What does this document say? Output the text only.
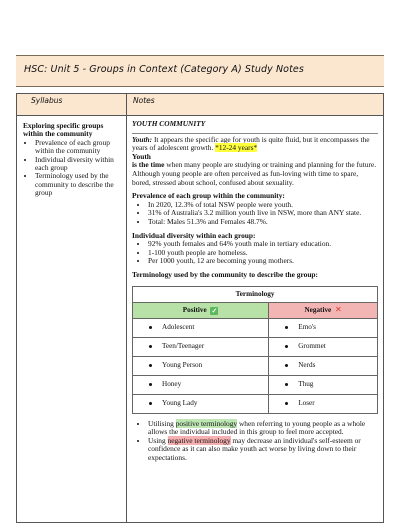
HSC: Unit 5 - Groups in Context (Category A) Study Notes
Syllabus	Notes

Exploring specific groups within the community
• Prevalence of each group within the community
• Individual diversity within each group
• Terminology used by the community to describe the group

YOUTH COMMUNITY

Youth: It appears the specific age for youth is quite fluid, but it encompasses the years of adolescent growth. *12-24 years*

Youth

is the time when many people are studying or training and planning for the future. Although young people are often perceived as fun-loving with time to spare, bored, stressed about school, confused about sexuality.

Prevalence of each group within the community:
• In 2020, 12.3% of total NSW people were youth.
• 31% of Australia's 3.2 million youth live in NSW, more than ANY state.
• Total: Males 51.3% and Females 48.7%.
Individual diversity within each group:
• 92% youth females and 64% youth male in tertiary education.
• 1-100 youth people are homeless.
• Per 1000 youth, 12 are becoming young mothers.
Terminology used by the community to describe the group:
Terminology
Positive ✓	Negative ✕
Adolescent	Emo's
Teen/Teenager	Grommet
Young Person	Nerds
Honey	Thug
Young Lady	Loser
• Utilising positive terminology when referring to young people as a whole allows the individual included in this group to feel more accepted.
• Using negative terminology may decrease an individual's self-esteem or confidence as it can also make youth act worse by living down to their expectations.
